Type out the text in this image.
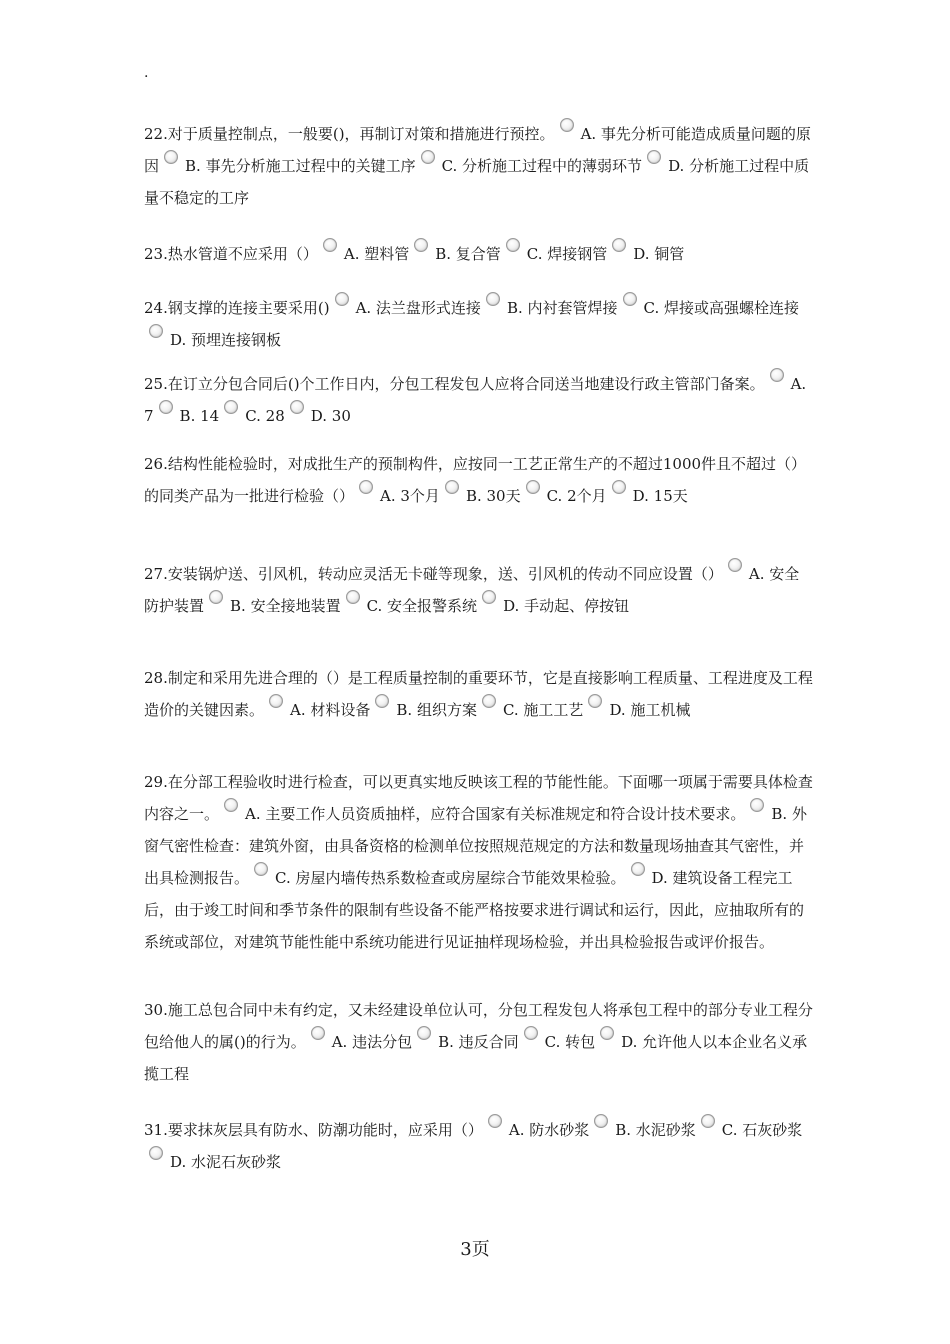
.

22.对于质量控制点，一般要()，再制订对策和措施进行预控。 A. 事先分析可能造成质量问题的原因 B. 事先分析施工过程中的关键工序 C. 分析施工过程中的薄弱环节 D. 分析施工过程中质量不稳定的工序

23.热水管道不应采用（） A. 塑料管 B. 复合管 C. 焊接钢管 D. 铜管

24.钢支撑的连接主要采用() A. 法兰盘形式连接 B. 内衬套管焊接 C. 焊接或高强螺栓连接D. 预埋连接钢板

25.在订立分包合同后()个工作日内，分包工程发包人应将合同送当地建设行政主管部门备案。 A. 7 B. 14 C. 28 D. 30

26.结构性能检验时，对成批生产的预制构件，应按同一工艺正常生产的不超过1000件且不超过（）的同类产品为一批进行检验（） A. 3个月 B. 30天 C. 2个月 D. 15天

27.安装锅炉送、引风机，转动应灵活无卡碰等现象，送、引风机的传动不同应设置（） A. 安全防护装置 B. 安全接地装置 C. 安全报警系统 D. 手动起、停按钮

28.制定和采用先进合理的（）是工程质量控制的重要环节，它是直接影响工程质量、工程进度及工程造价的关键因素。 A. 材料设备 B. 组织方案 C. 施工工艺 D. 施工机械

29.在分部工程验收时进行检查，可以更真实地反映该工程的节能性能。下面哪一项属于需要具体检查内容之一。 A. 主要工作人员资质抽样，应符合国家有关标准规定和符合设计技术要求。 B. 外窗气密性检查：建筑外窗，由具备资格的检测单位按照规范规定的方法和数量现场抽查其气密性，并出具检测报告。 C. 房屋内墙传热系数检查或房屋综合节能效果检验。 D. 建筑设备工程完工后，由于竣工时间和季节条件的限制有些设备不能严格按要求进行调试和运行，因此，应抽取所有的系统或部位，对建筑节能性能中系统功能进行见证抽样现场检验，并出具检验报告或评价报告。

30.施工总包合同中未有约定，又未经建设单位认可，分包工程发包人将承包工程中的部分专业工程分包给他人的属()的行为。 A. 违法分包 B. 违反合同 C. 转包 D. 允许他人以本企业名义承揽工程

31.要求抹灰层具有防水、防潮功能时，应采用（） A. 防水砂浆 B. 水泥砂浆 C. 石灰砂浆D. 水泥石灰砂浆

3页
